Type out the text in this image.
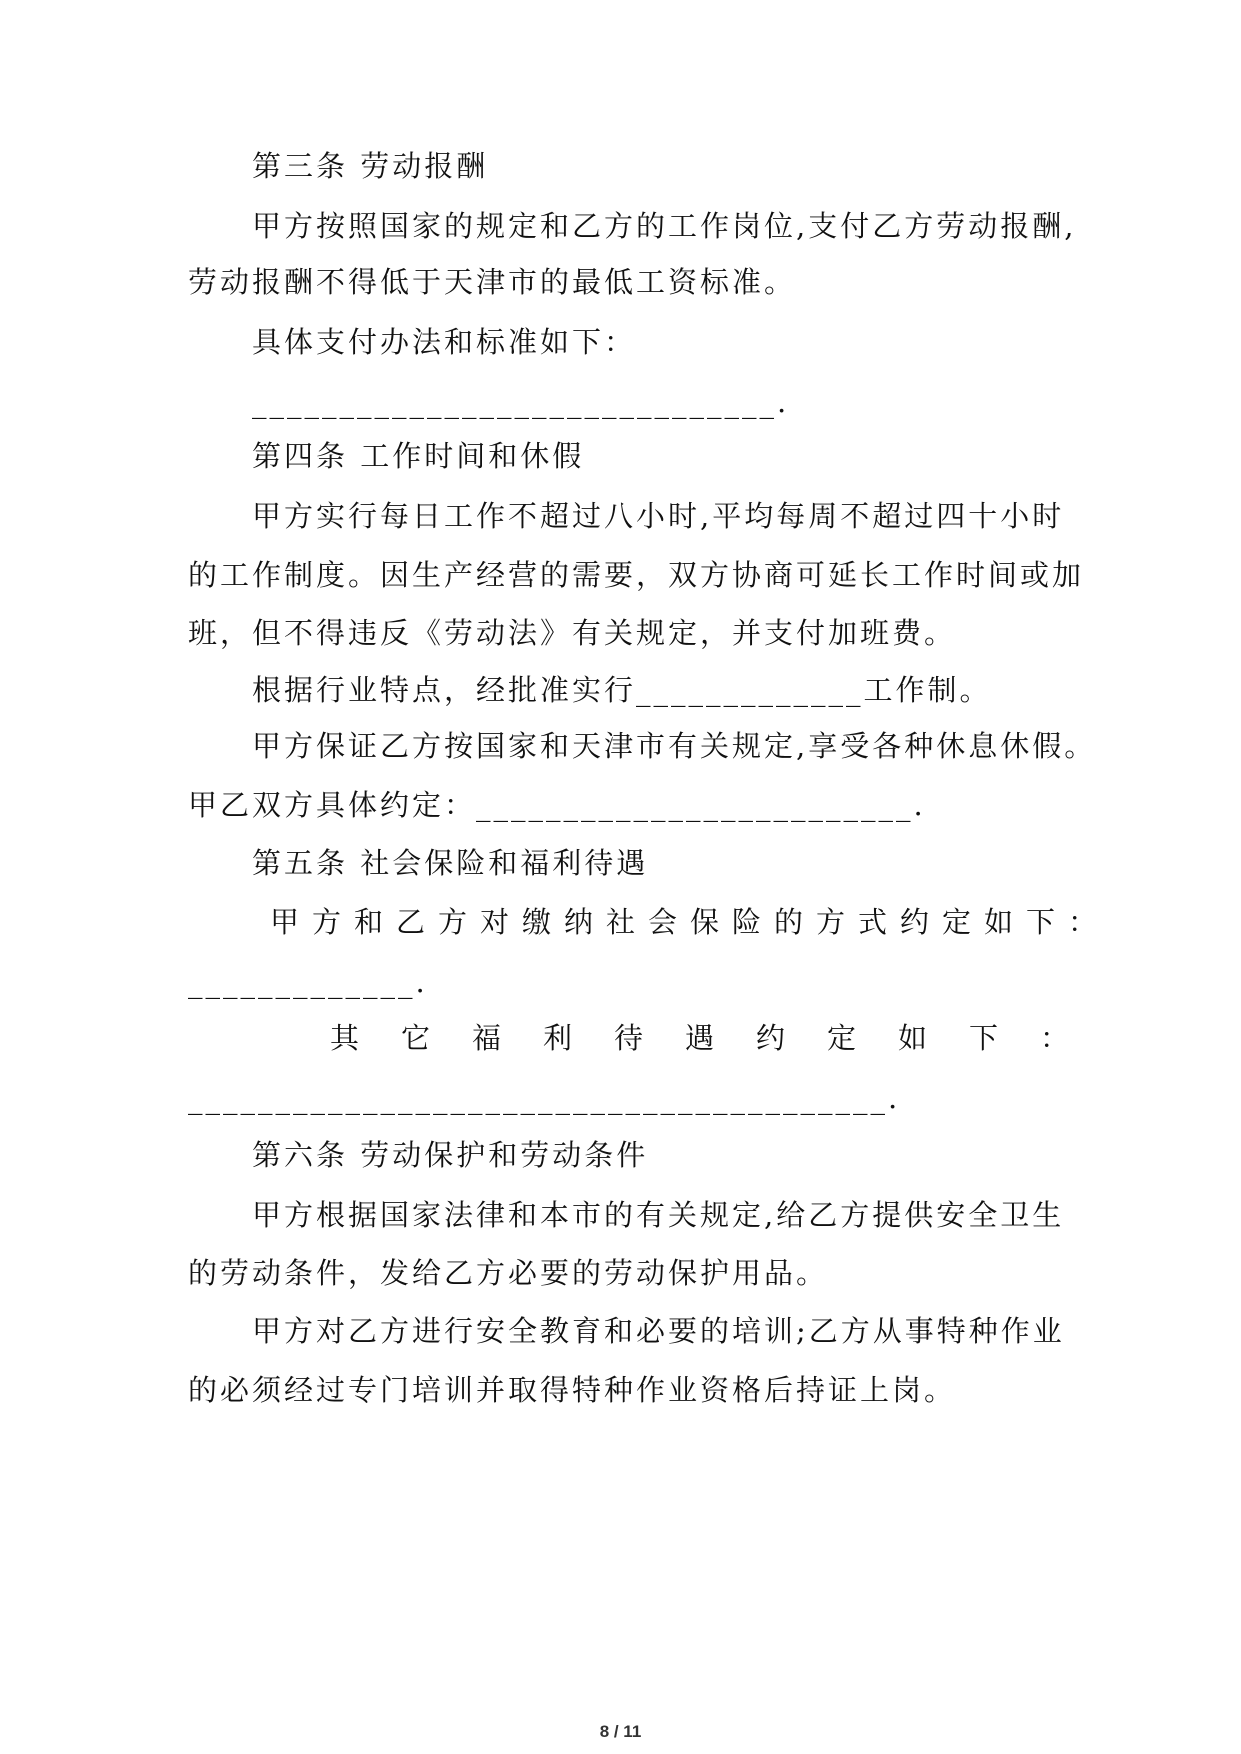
第三条 劳动报酬
甲方按照国家的规定和乙方的工作岗位,支付乙方劳动报酬,
劳动报酬不得低于天津市的最低工资标准。
具体支付办法和标准如下：
______________________________.
第四条 工作时间和休假
甲方实行每日工作不超过八小时,平均每周不超过四十小时
的工作制度。因生产经营的需要，双方协商可延长工作时间或加
班，但不得违反《劳动法》有关规定，并支付加班费。
根据行业特点，经批准实行_____________工作制。
甲方保证乙方按国家和天津市有关规定,享受各种休息休假。
甲乙双方具体约定：_________________________.
第五条 社会保险和福利待遇
甲方和乙方对缴纳社会保险的方式约定如下：
_____________.
其它福利待遇约定如下：
________________________________________.
第六条 劳动保护和劳动条件
甲方根据国家法律和本市的有关规定,给乙方提供安全卫生
的劳动条件，发给乙方必要的劳动保护用品。
甲方对乙方进行安全教育和必要的培训;乙方从事特种作业
的必须经过专门培训并取得特种作业资格后持证上岗。
8 / 11
